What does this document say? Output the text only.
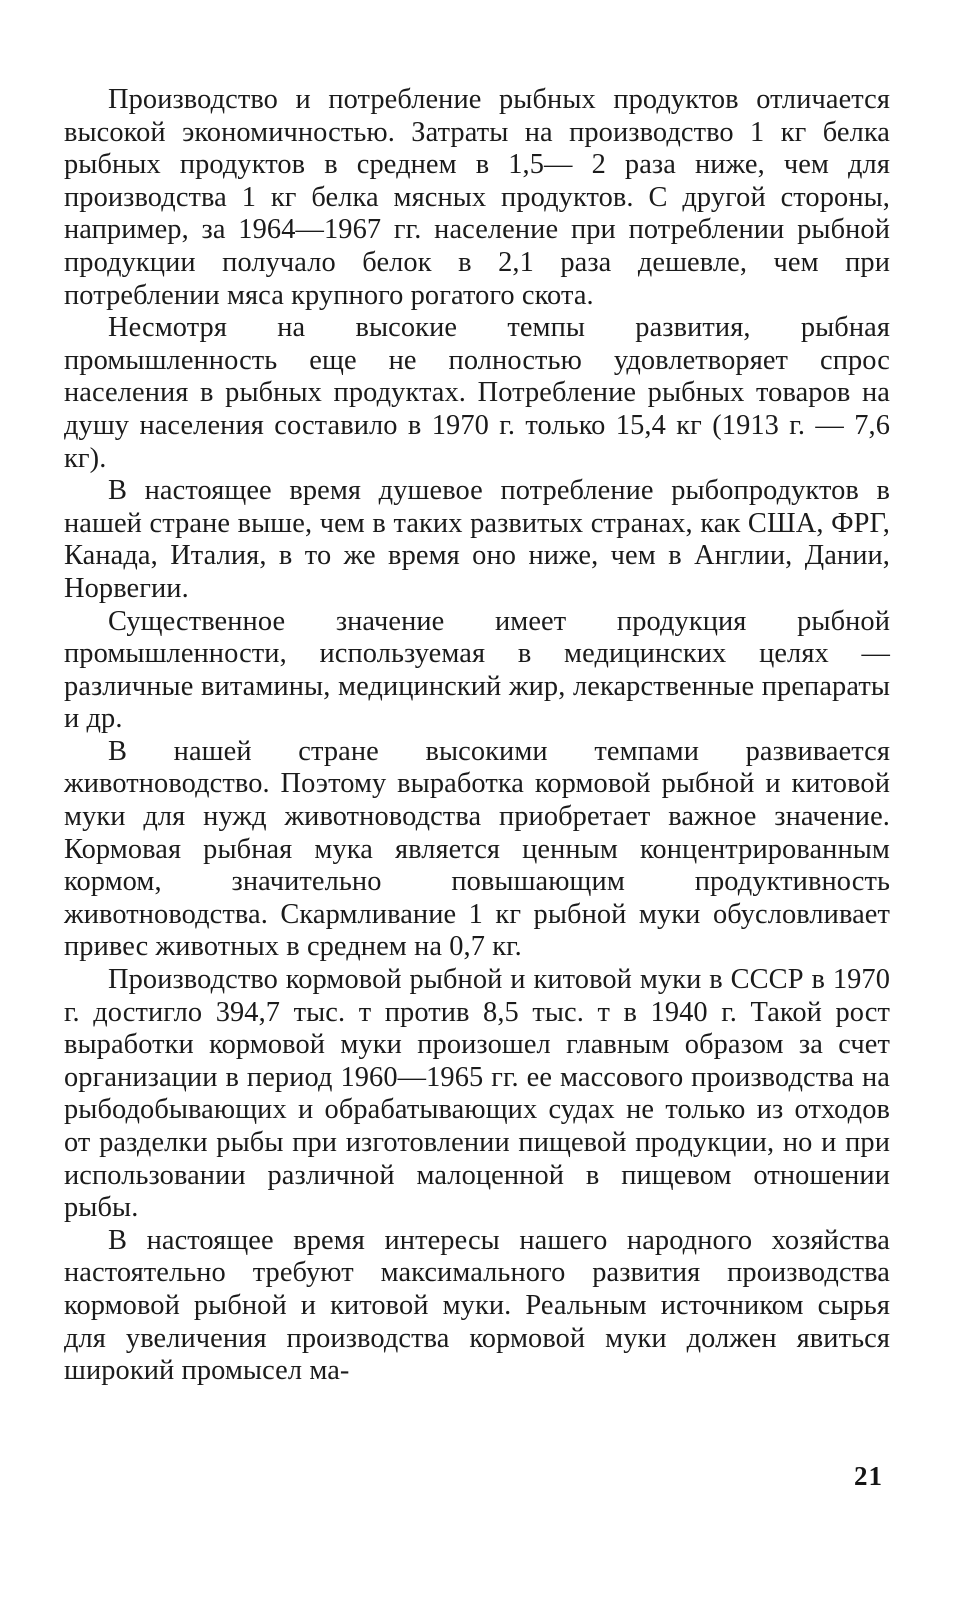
Производство и потребление рыбных продуктов отличается высокой экономичностью. Затраты на производство 1 кг белка рыбных продуктов в среднем в 1,5— 2 раза ниже, чем для производства 1 кг белка мясных продуктов. С другой стороны, например, за 1964—1967 гг. население при потреблении рыбной продукции получало белок в 2,1 раза дешевле, чем при потреблении мяса крупного рогатого скота.

Несмотря на высокие темпы развития, рыбная промышленность еще не полностью удовлетворяет спрос населения в рыбных продуктах. Потребление рыбных товаров на душу населения составило в 1970 г. только 15,4 кг (1913 г. — 7,6 кг).

В настоящее время душевое потребление рыбопродуктов в нашей стране выше, чем в таких развитых странах, как США, ФРГ, Канада, Италия, в то же время оно ниже, чем в Англии, Дании, Норвегии.

Существенное значение имеет продукция рыбной промышленности, используемая в медицинских целях — различные витамины, медицинский жир, лекарственные препараты и др.

В нашей стране высокими темпами развивается животноводство. Поэтому выработка кормовой рыбной и китовой муки для нужд животноводства приобретает важное значение. Кормовая рыбная мука является ценным концентрированным кормом, значительно повышающим продуктивность животноводства. Скармливание 1 кг рыбной муки обусловливает привес животных в среднем на 0,7 кг.

Производство кормовой рыбной и китовой муки в СССР в 1970 г. достигло 394,7 тыс. т против 8,5 тыс. т в 1940 г. Такой рост выработки кормовой муки произошел главным образом за счет организации в период 1960—1965 гг. ее массового производства на рыбодобывающих и обрабатывающих судах не только из отходов от разделки рыбы при изготовлении пищевой продукции, но и при использовании различной малоценной в пищевом отношении рыбы.

В настоящее время интересы нашего народного хозяйства настоятельно требуют максимального развития производства кормовой рыбной и китовой муки. Реальным источником сырья для увеличения производства кормовой муки должен явиться широкий промысел ма-

21
